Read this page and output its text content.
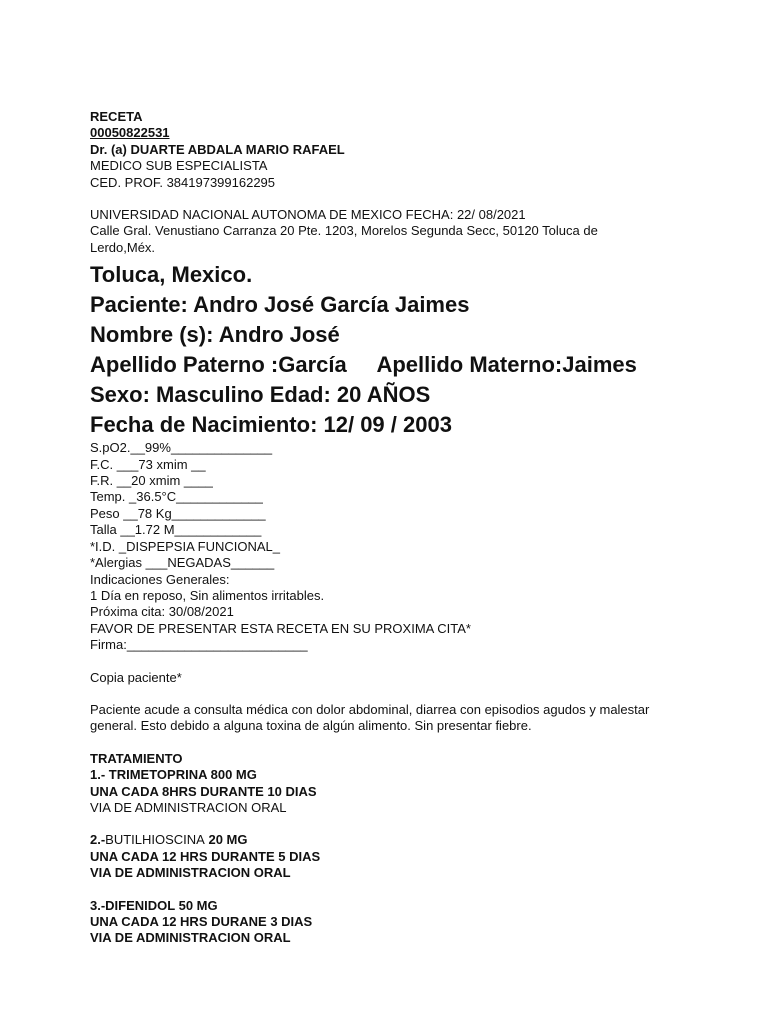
RECETA
00050822531
Dr. (a) DUARTE ABDALA MARIO RAFAEL
MEDICO SUB ESPECIALISTA
CED. PROF. 384197399162295
UNIVERSIDAD NACIONAL AUTONOMA DE MEXICO FECHA: 22/ 08/2021
Calle Gral. Venustiano Carranza 20 Pte. 1203, Morelos Segunda Secc, 50120 Toluca de Lerdo,Méx.
Toluca, Mexico.
Paciente: Andro José García Jaimes
Nombre (s): Andro José
Apellido Paterno :García     Apellido Materno:Jaimes
Sexo: Masculino Edad: 20 AÑOS
Fecha de Nacimiento: 12/ 09 / 2003
S.pO2.__99%______________
F.C. ___73 xmim __
F.R. __20 xmim ____
Temp. _36.5°C____________
Peso __78 Kg_____________
Talla __1.72 M____________
*I.D. _DISPEPSIA FUNCIONAL_
*Alergias ___NEGADAS______
Indicaciones Generales:
1 Día en reposo, Sin alimentos irritables.
Próxima cita: 30/08/2021
FAVOR DE PRESENTAR ESTA RECETA EN SU PROXIMA CITA*
Firma:_________________________
Copia paciente*
Paciente acude a consulta médica con dolor abdominal, diarrea con episodios agudos y malestar general. Esto debido a alguna toxina de algún alimento. Sin presentar fiebre.
TRATAMIENTO
1.- TRIMETOPRINA 800 MG
UNA CADA 8HRS DURANTE 10 DIAS
VIA DE ADMINISTRACION ORAL
2.-BUTILHIOSCINA 20 MG
UNA CADA 12 HRS DURANTE 5 DIAS
VIA DE ADMINISTRACION ORAL
3.-DIFENIDOL 50 MG
UNA CADA 12 HRS DURANE 3 DIAS
VIA DE ADMINISTRACION ORAL
